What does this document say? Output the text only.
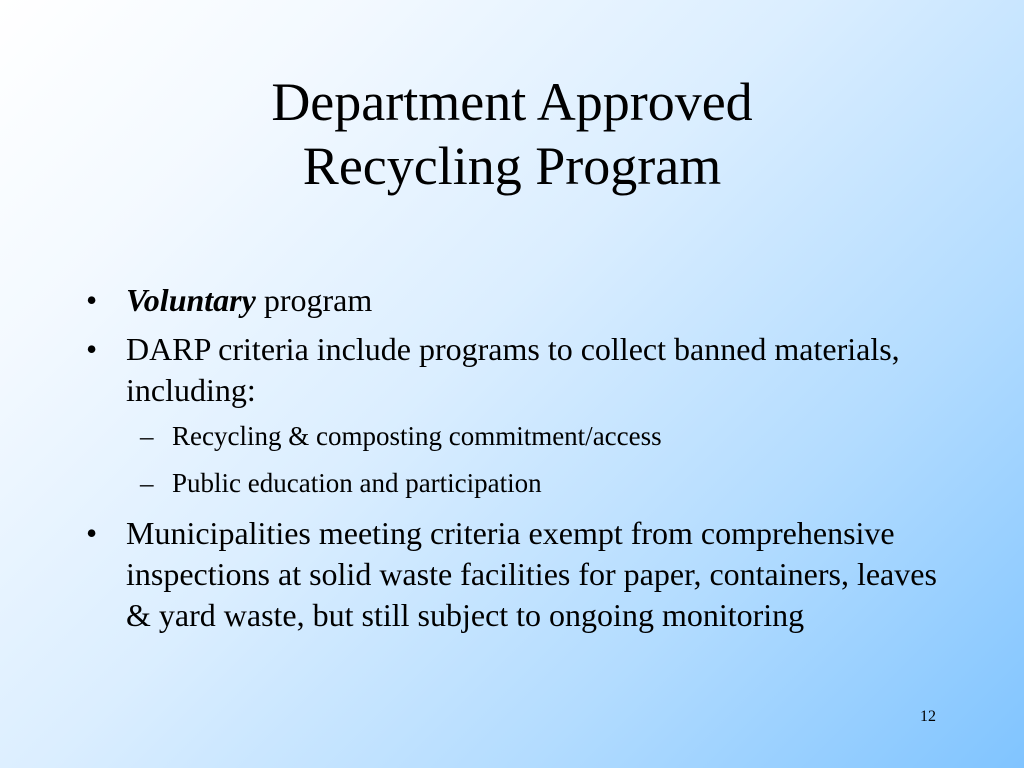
Department Approved
Recycling Program
• Voluntary program
• DARP criteria include programs to collect banned materials, including:
– Recycling & composting commitment/access
– Public education and participation
• Municipalities meeting criteria exempt from comprehensive inspections at solid waste facilities for paper, containers, leaves & yard waste, but still subject to ongoing monitoring
12
